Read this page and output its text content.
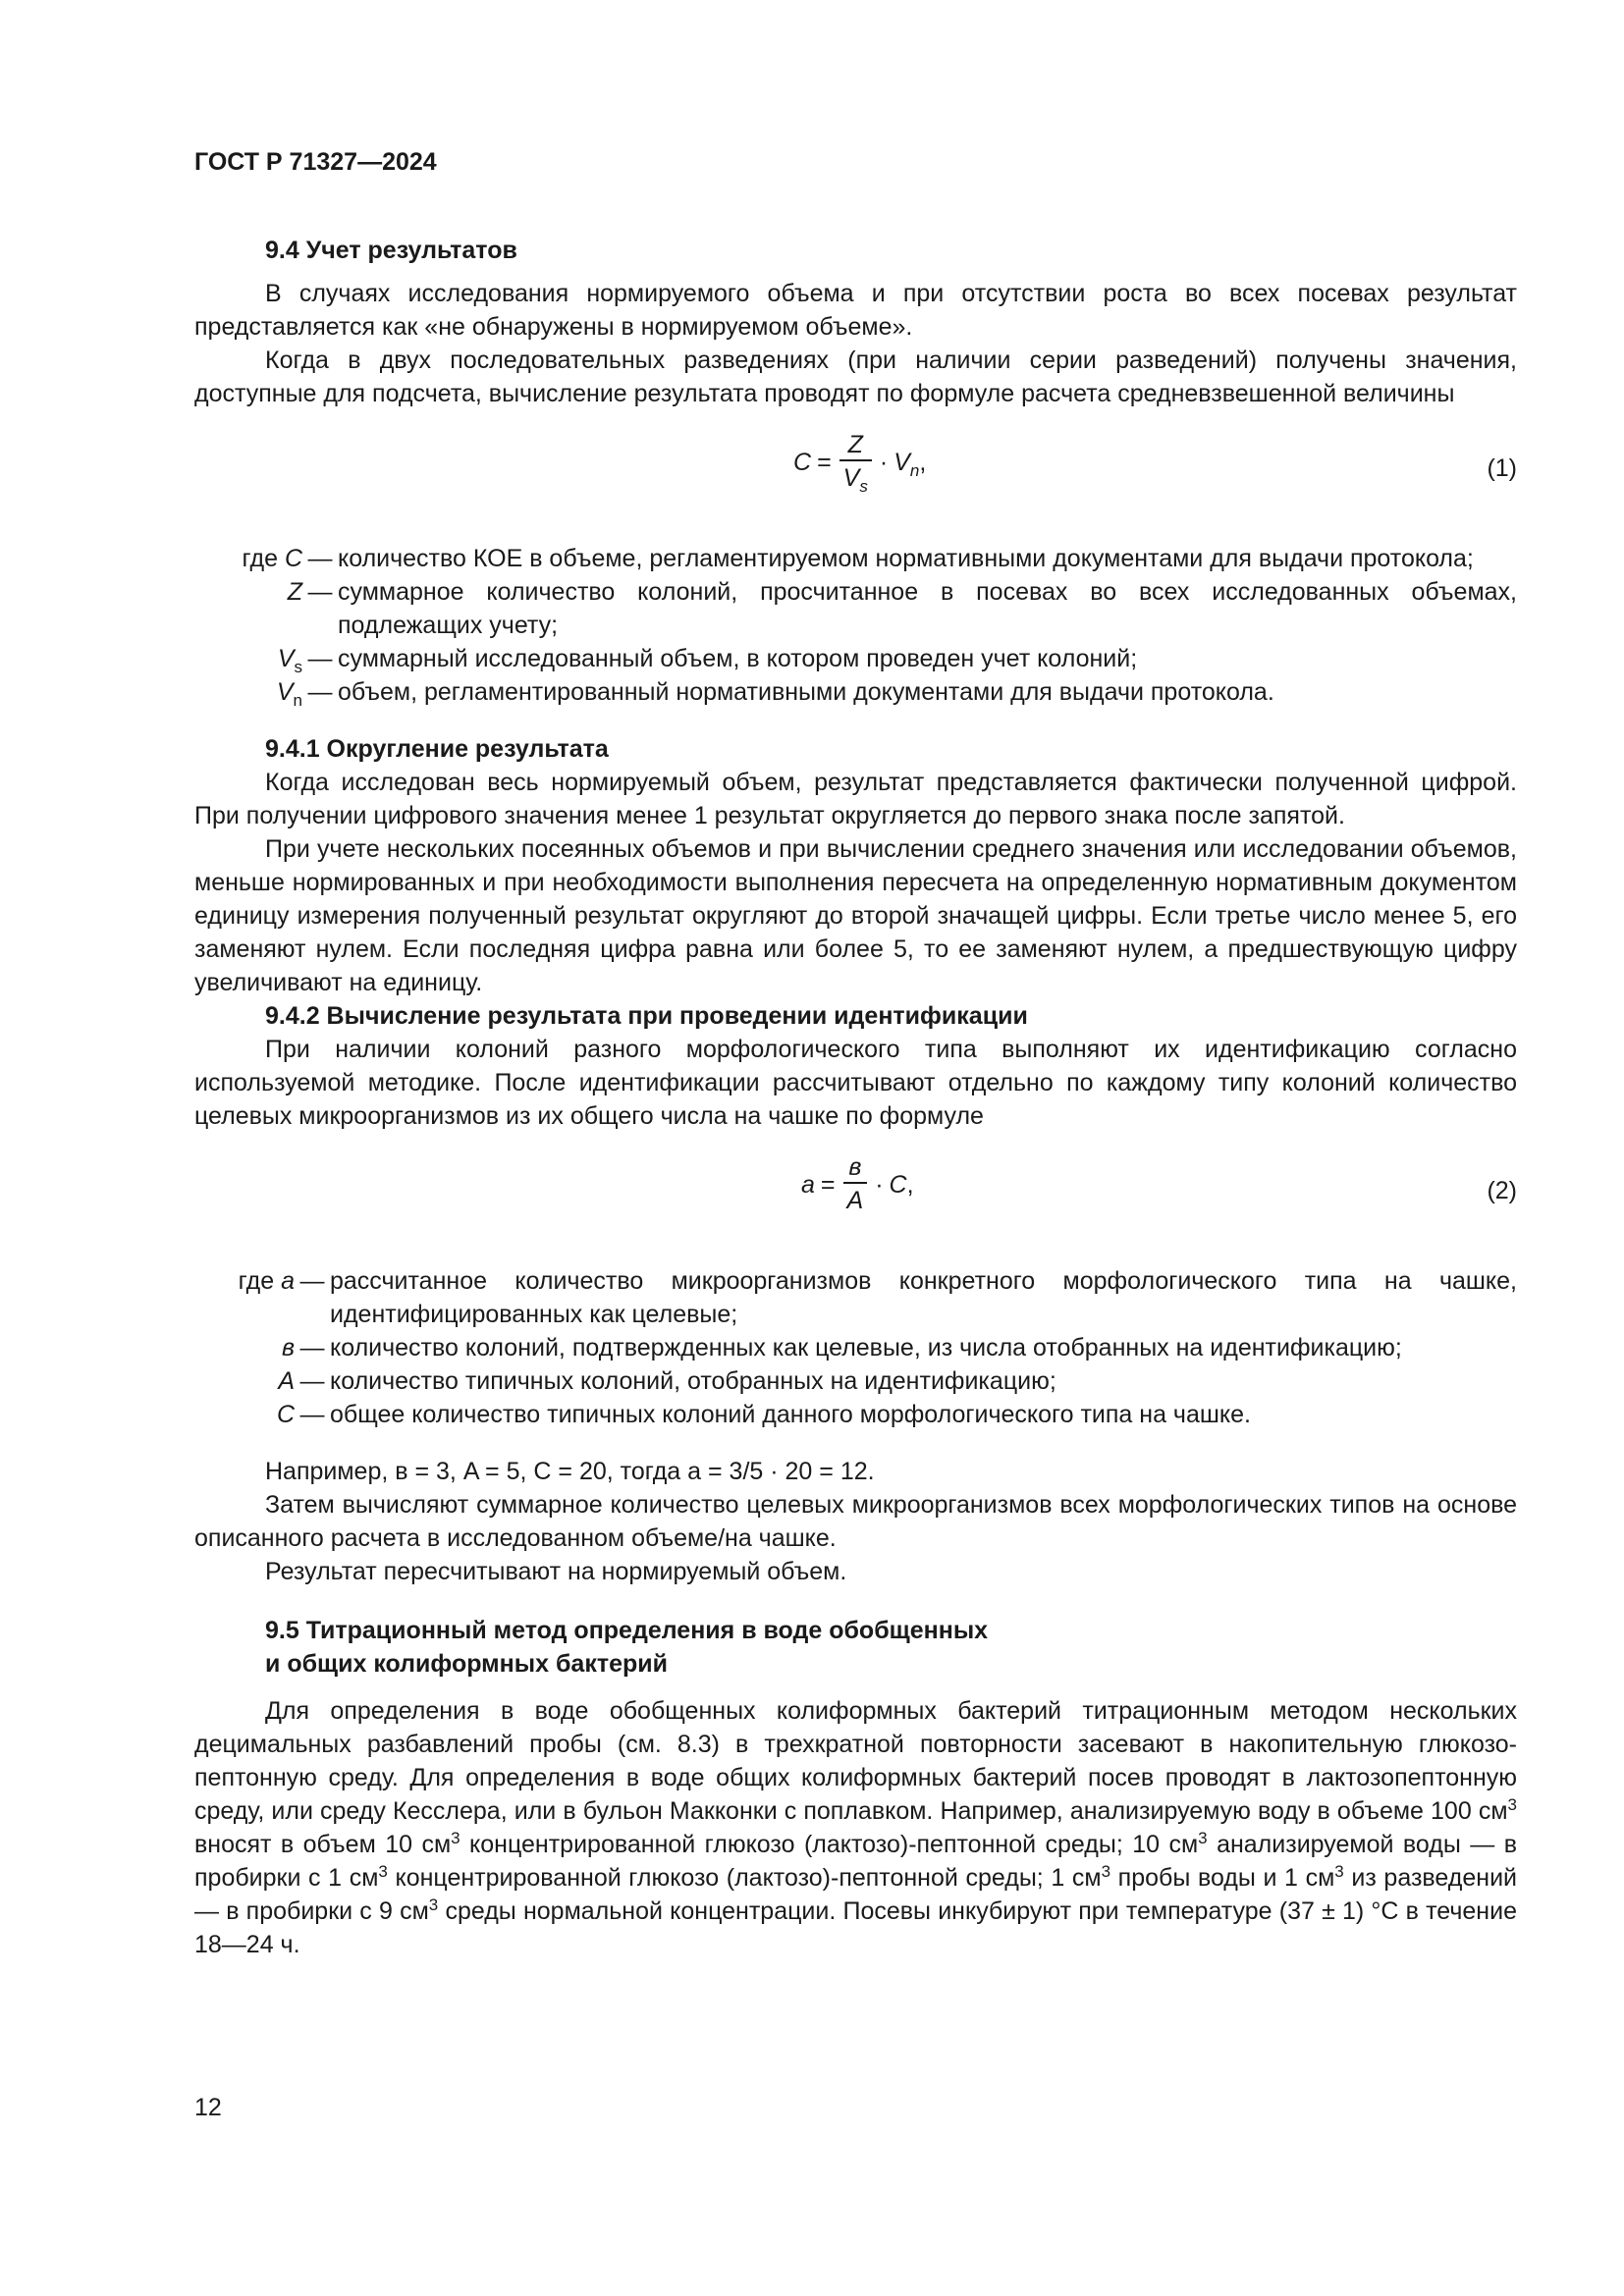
ГОСТ Р 71327—2024

9.4 Учет результатов

В случаях исследования нормируемого объема и при отсутствии роста во всех посевах результат представляется как «не обнаружены в нормируемом объеме».

Когда в двух последовательных разведениях (при наличии серии разведений) получены значения, доступные для подсчета, вычисление результата проводят по формуле расчета средневзвешенной величины

$C = \frac{Z}{V_s} \cdot V_n$ ,	(1)
где C — количество КОЕ в объеме, регламентируемом нормативными документами для выдачи протокола;
Z — суммарное количество колоний, просчитанное в посевах во всех исследованных объемах, подлежащих учету;
$V_s$ — суммарный исследованный объем, в котором проведен учет колоний;
$V_n$ — объем, регламентированный нормативными документами для выдачи протокола.

9.4.1 Округление результата

Когда исследован весь нормируемый объем, результат представляется фактически полученной цифрой. При получении цифрового значения менее 1 результат округляется до первого знака после запятой.

При учете нескольких посеянных объемов и при вычислении среднего значения или исследовании объемов, меньше нормированных и при необходимости выполнения пересчета на определенную нормативным документом единицу измерения полученный результат округляют до второй значащей цифры. Если третье число менее 5, его заменяют нулем. Если последняя цифра равна или более 5, то ее заменяют нулем, а предшествующую цифру увеличивают на единицу.

9.4.2 Вычисление результата при проведении идентификации

При наличии колоний разного морфологического типа выполняют их идентификацию согласно используемой методике. После идентификации рассчитывают отдельно по каждому типу колоний количество целевых микроорганизмов из их общего числа на чашке по формуле

$a = \frac{в}{A} \cdot C$ ,	(2)
где a — рассчитанное количество микроорганизмов конкретного морфологического типа на чашке, идентифицированных как целевые;
в — количество колоний, подтвержденных как целевые, из числа отобранных на идентификацию;
A — количество типичных колоний, отобранных на идентификацию;
C — общее количество типичных колоний данного морфологического типа на чашке.

Например, в = 3, A = 5, C = 20, тогда a = 3/5 · 20 = 12.

Затем вычисляют суммарное количество целевых микроорганизмов всех морфологических типов на основе описанного расчета в исследованном объеме/на чашке.

Результат пересчитывают на нормируемый объем.

9.5 Титрационный метод определения в воде обобщенных
и общих колиформных бактерий

Для определения в воде обобщенных колиформных бактерий титрационным методом нескольких децимальных разбавлений пробы (см. 8.3) в трехкратной повторности засевают в накопительную глюкозо-пептонную среду. Для определения в воде общих колиформных бактерий посев проводят в лактозопептонную среду, или среду Кесслера, или в бульон Макконки с поплавком. Например, анализируемую воду в объеме 100 $см^3$ вносят в объем 10 $см^3$ концентрированной глюкозо (лактозо)-пептонной среды; 10 $см^3$ анализируемой воды — в пробирки с 1 $см^3$ концентрированной глюкозо (лактозо)-пептонной среды; 1 $см^3$ пробы воды и 1 $см^3$ из разведений — в пробирки с 9 $см^3$ среды нормальной концентрации. Посевы инкубируют при температуре (37 ± 1) °C в течение 18—24 ч.

12
